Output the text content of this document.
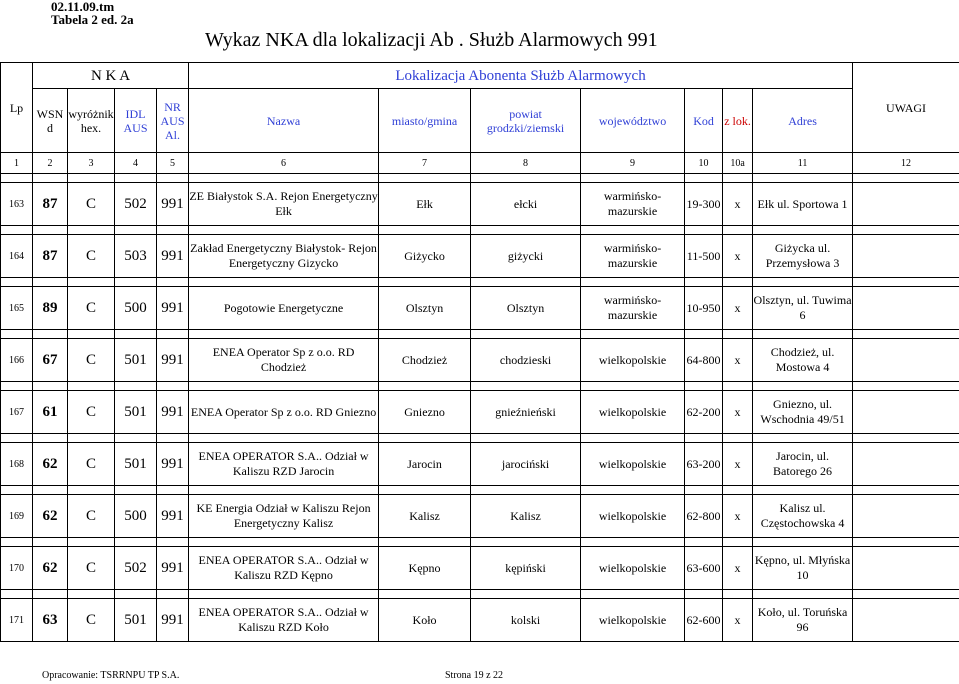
02.11.09.tm
Tabela 2 ed. 2a
Wykaz NKA dla lokalizacji Ab . Służb Alarmowych 991
Lp	N K A				Lokalizacja Abonenta Służb Alarmowych							UWAGI
	WSN d	wyróżnik hex.	IDL AUS	NR AUS Al.	Nazwa	miasto/gmina	powiat grodzki/ziemski	województwo	Kod	z lok.	Adres	
1	2	3	4	5	6	7	8	9	10	10a	11	12

163	87	C	502	991	ZE Białystok S.A. Rejon Energetyczny Ełk	Ełk	ełcki	warmińsko- mazurskie	19-300	x	Ełk ul. Sportowa 1	

164	87	C	503	991	Zakład Energetyczny Białystok- Rejon Energetyczny Gizycko	Giżycko	giżycki	warmińsko- mazurskie	11-500	x	Giżycka ul. Przemysłowa 3	

165	89	C	500	991	Pogotowie Energetyczne	Olsztyn	Olsztyn	warmińsko- mazurskie	10-950	x	Olsztyn, ul. Tuwima 6	

166	67	C	501	991	ENEA Operator Sp z o.o. RD Chodzież	Chodzież	chodzieski	wielkopolskie	64-800	x	Chodzież, ul. Mostowa 4	

167	61	C	501	991	ENEA Operator Sp z o.o. RD Gniezno	Gniezno	gnieźnieński	wielkopolskie	62-200	x	Gniezno, ul. Wschodnia 49/51	

168	62	C	501	991	ENEA OPERATOR S.A.. Odział w Kaliszu RZD Jarocin	Jarocin	jarociński	wielkopolskie	63-200	x	Jarocin, ul. Batorego 26	

169	62	C	500	991	KE Energia Odział w Kaliszu Rejon Energetyczny Kalisz	Kalisz	Kalisz	wielkopolskie	62-800	x	Kalisz ul. Częstochowska 4	

170	62	C	502	991	ENEA OPERATOR S.A.. Odział w Kaliszu RZD Kępno	Kępno	kępiński	wielkopolskie	63-600	x	Kępno, ul. Młyńska 10	

171	63	C	501	991	ENEA OPERATOR S.A.. Odział w Kaliszu RZD Koło	Koło	kolski	wielkopolskie	62-600	x	Koło, ul. Toruńska 96	
Opracowanie: TSRRNPU TP S.A.	Strona 19 z 22
